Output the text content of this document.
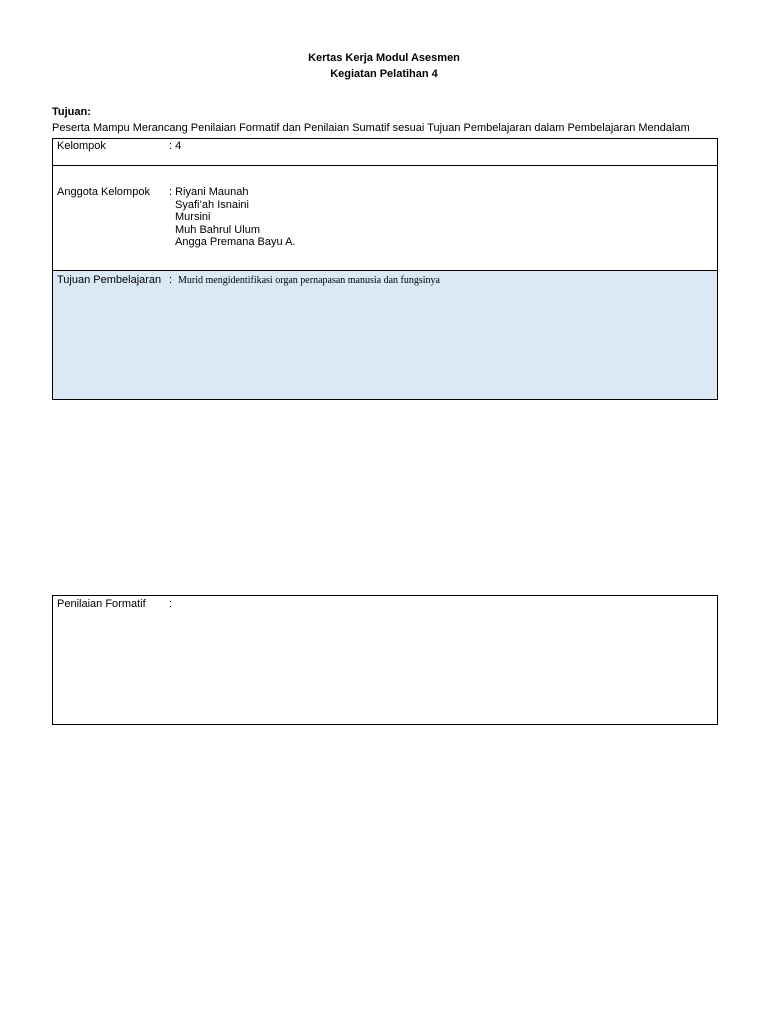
Kertas Kerja Modul Asesmen
Kegiatan Pelatihan 4
Tujuan:
Peserta Mampu Merancang Penilaian Formatif dan Penilaian Sumatif sesuai Tujuan Pembelajaran dalam Pembelajaran Mendalam
Kelompok	: 4
Anggota Kelompok : Riyani Maunah
Syafi’ah Isnaini
Mursini
Muh Bahrul Ulum
Angga Premana Bayu A.
Tujuan Pembelajaran : Murid mengidentifikasi organ pernapasan manusia dan fungsinya
Penilaian Formatif :
